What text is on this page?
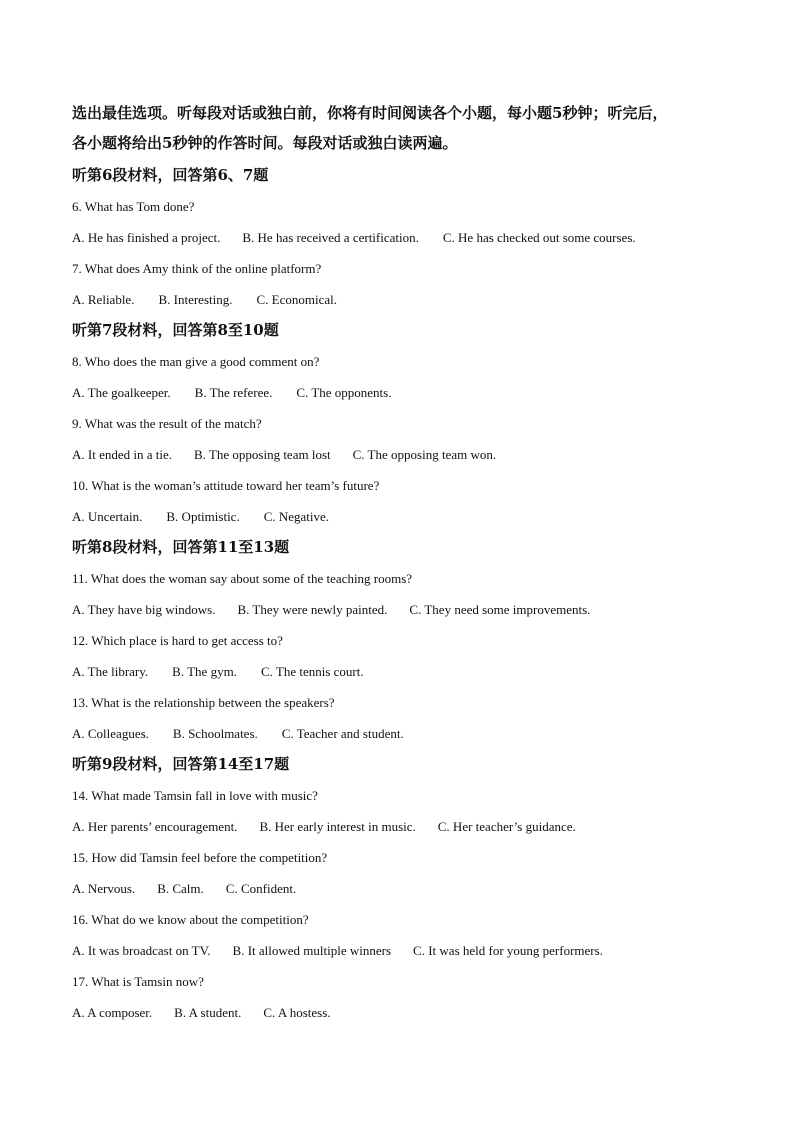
选出最佳选项。听每段对话或独白前，你将有时间阅读各个小题，每小题5秒钟；听完后，

各小题将给出5秒钟的作答时间。每段对话或独白读两遍。

听第6段材料，回答第6、7题

6. What has Tom done?

A. He has finished a project. B. He has received a certification. C. He has checked out some courses.

7. What does Amy think of the online platform?

A. Reliable. B. Interesting. C. Economical.

听第7段材料，回答第8至10题

8. Who does the man give a good comment on?

A. The goalkeeper. B. The referee. C. The opponents.

9. What was the result of the match?

A. It ended in a tie. B. The opposing team lost C. The opposing team won.

10. What is the woman’s attitude toward her team’s future?

A. Uncertain. B. Optimistic. C. Negative.

听第8段材料，回答第11至13题

11. What does the woman say about some of the teaching rooms?

A. They have big windows. B. They were newly painted. C. They need some improvements.

12. Which place is hard to get access to?

A. The library. B. The gym. C. The tennis court.

13. What is the relationship between the speakers?

A. Colleagues. B. Schoolmates. C. Teacher and student.

听第9段材料，回答第14至17题

14. What made Tamsin fall in love with music?

A. Her parents’ encouragement. B. Her early interest in music. C. Her teacher’s guidance.

15. How did Tamsin feel before the competition?

A. Nervous. B. Calm. C. Confident.

16. What do we know about the competition?

A. It was broadcast on TV. B. It allowed multiple winners C. It was held for young performers.

17. What is Tamsin now?

A. A composer. B. A student. C. A hostess.
